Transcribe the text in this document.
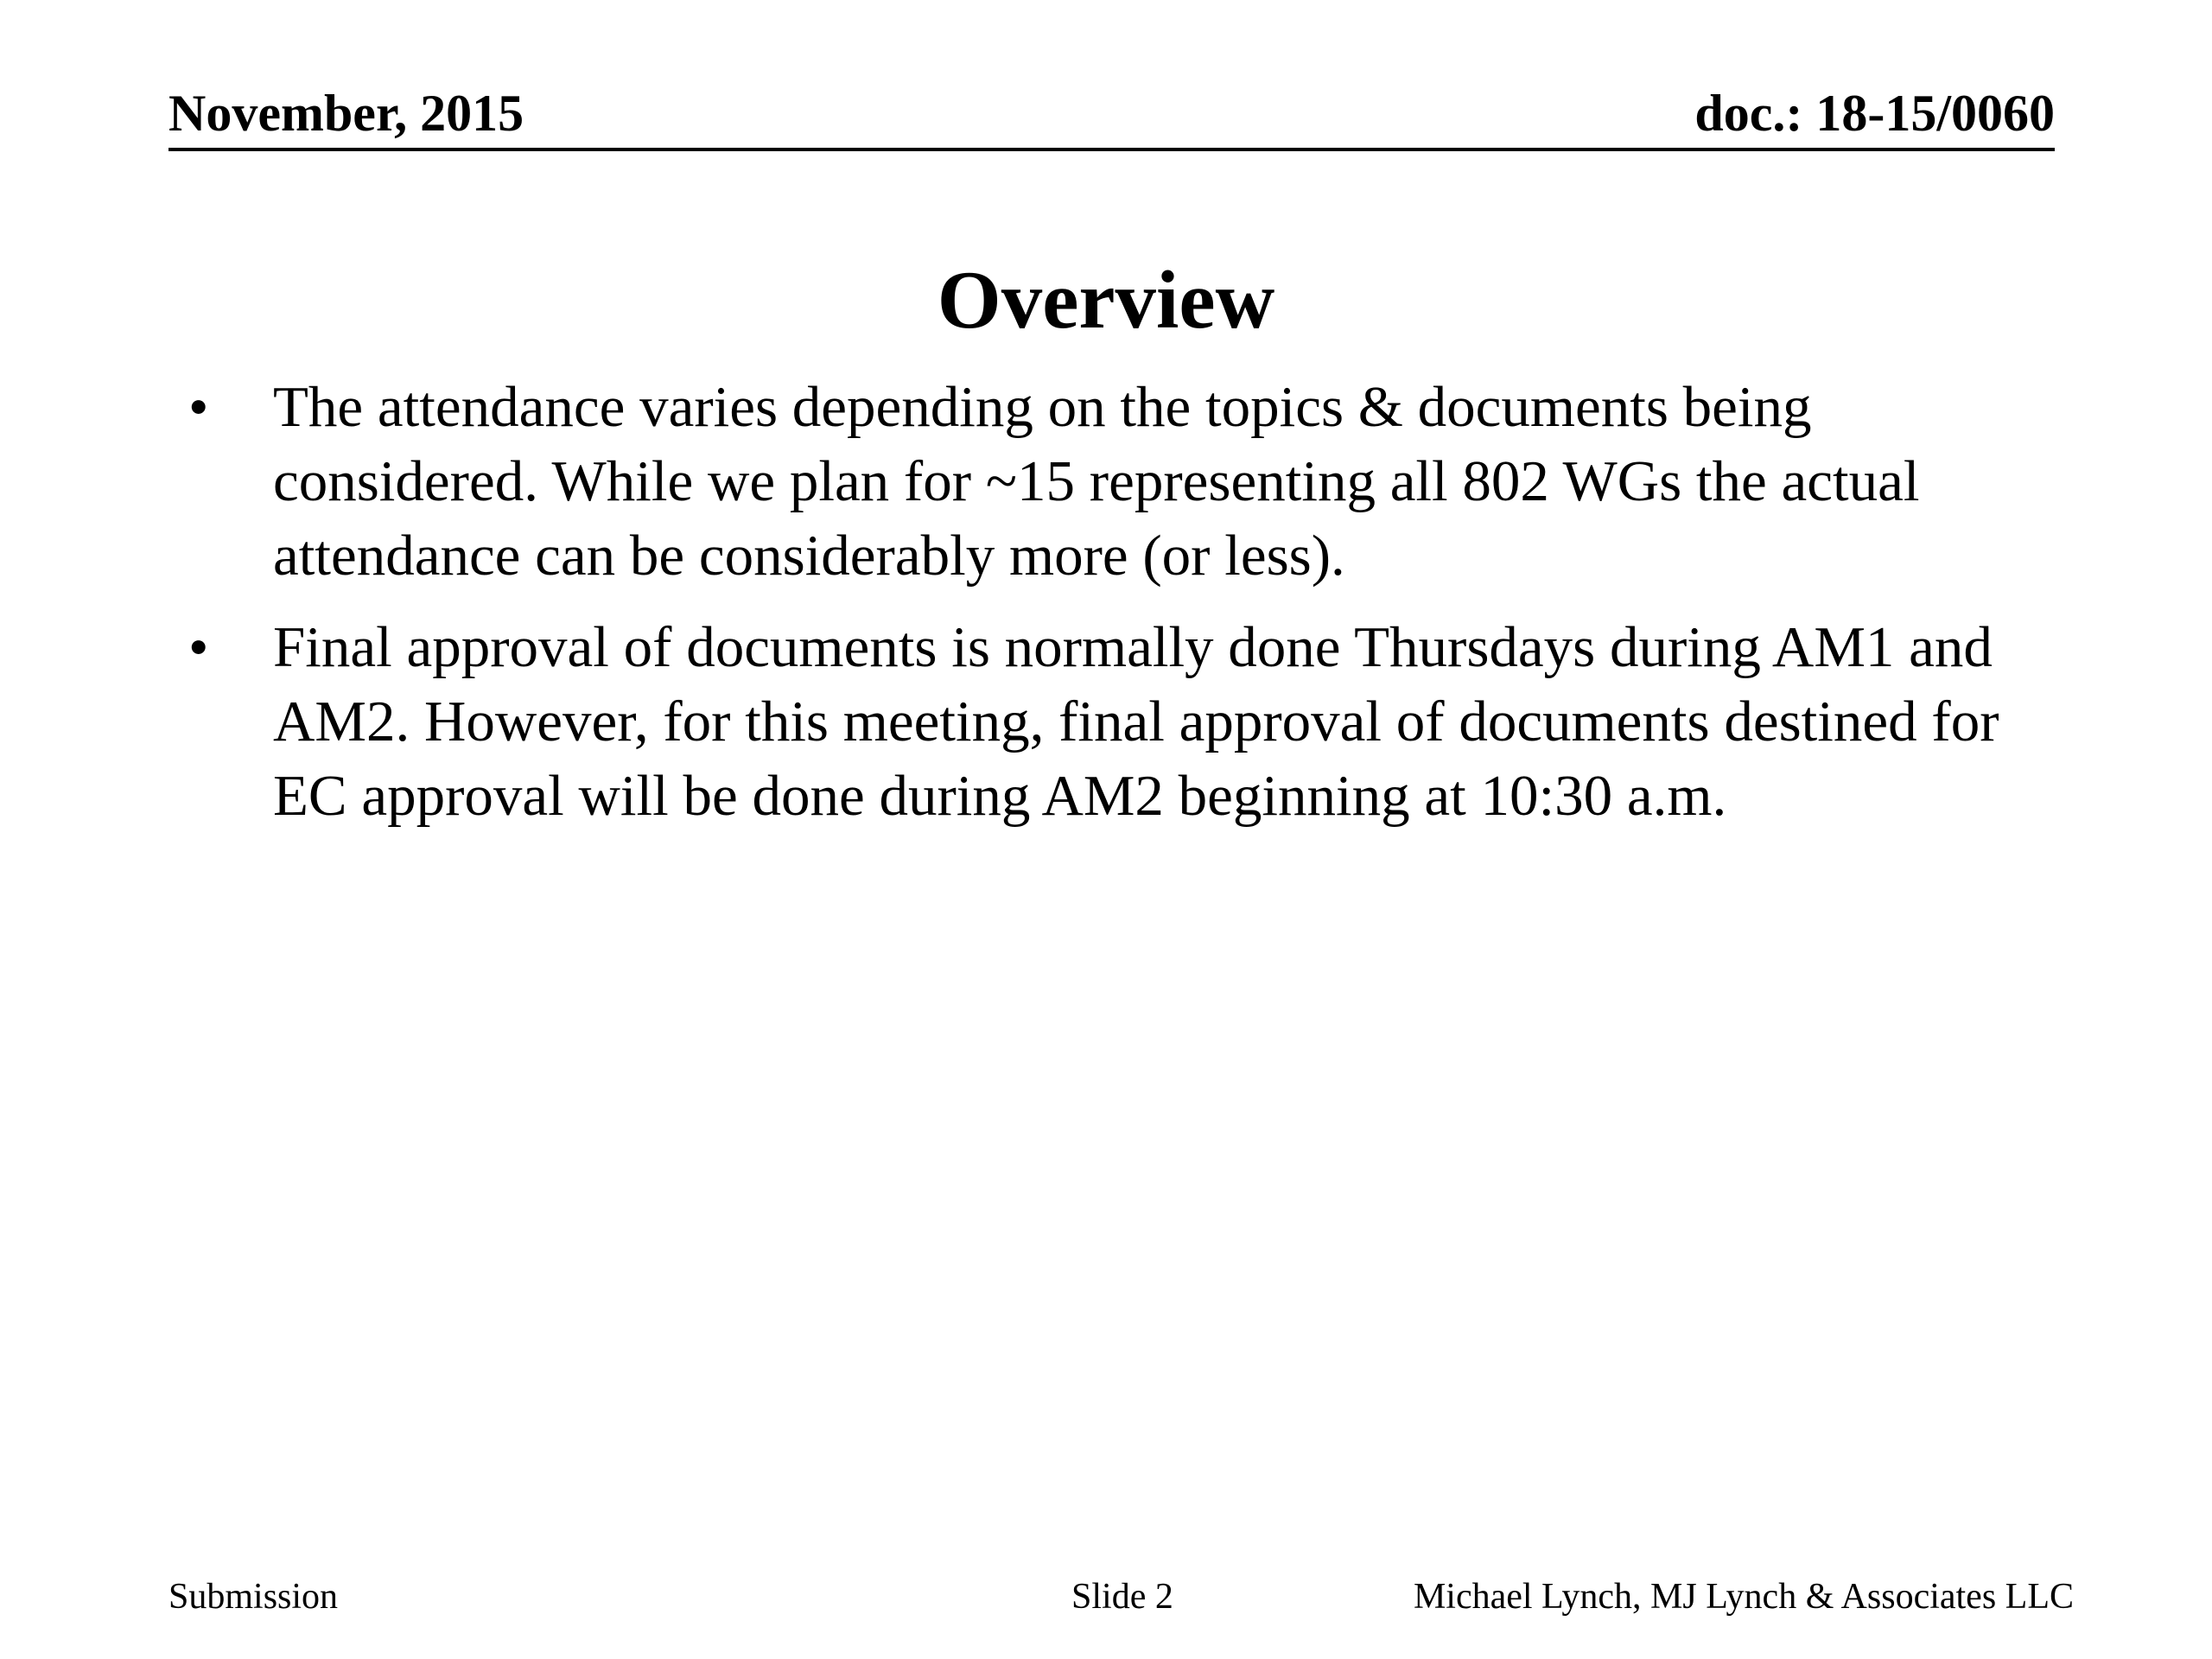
November, 2015	doc.: 18-15/0060
Overview
• The attendance varies depending on the topics & documents being considered. While we plan for ~15 representing all 802 WGs the actual attendance can be considerably more (or less).
• Final approval of documents is normally done Thursdays during AM1 and AM2. However, for this meeting, final approval of documents destined for EC approval will be done during AM2 beginning at 10:30 a.m.
Submission	Slide 2	Michael Lynch, MJ Lynch & Associates LLC
